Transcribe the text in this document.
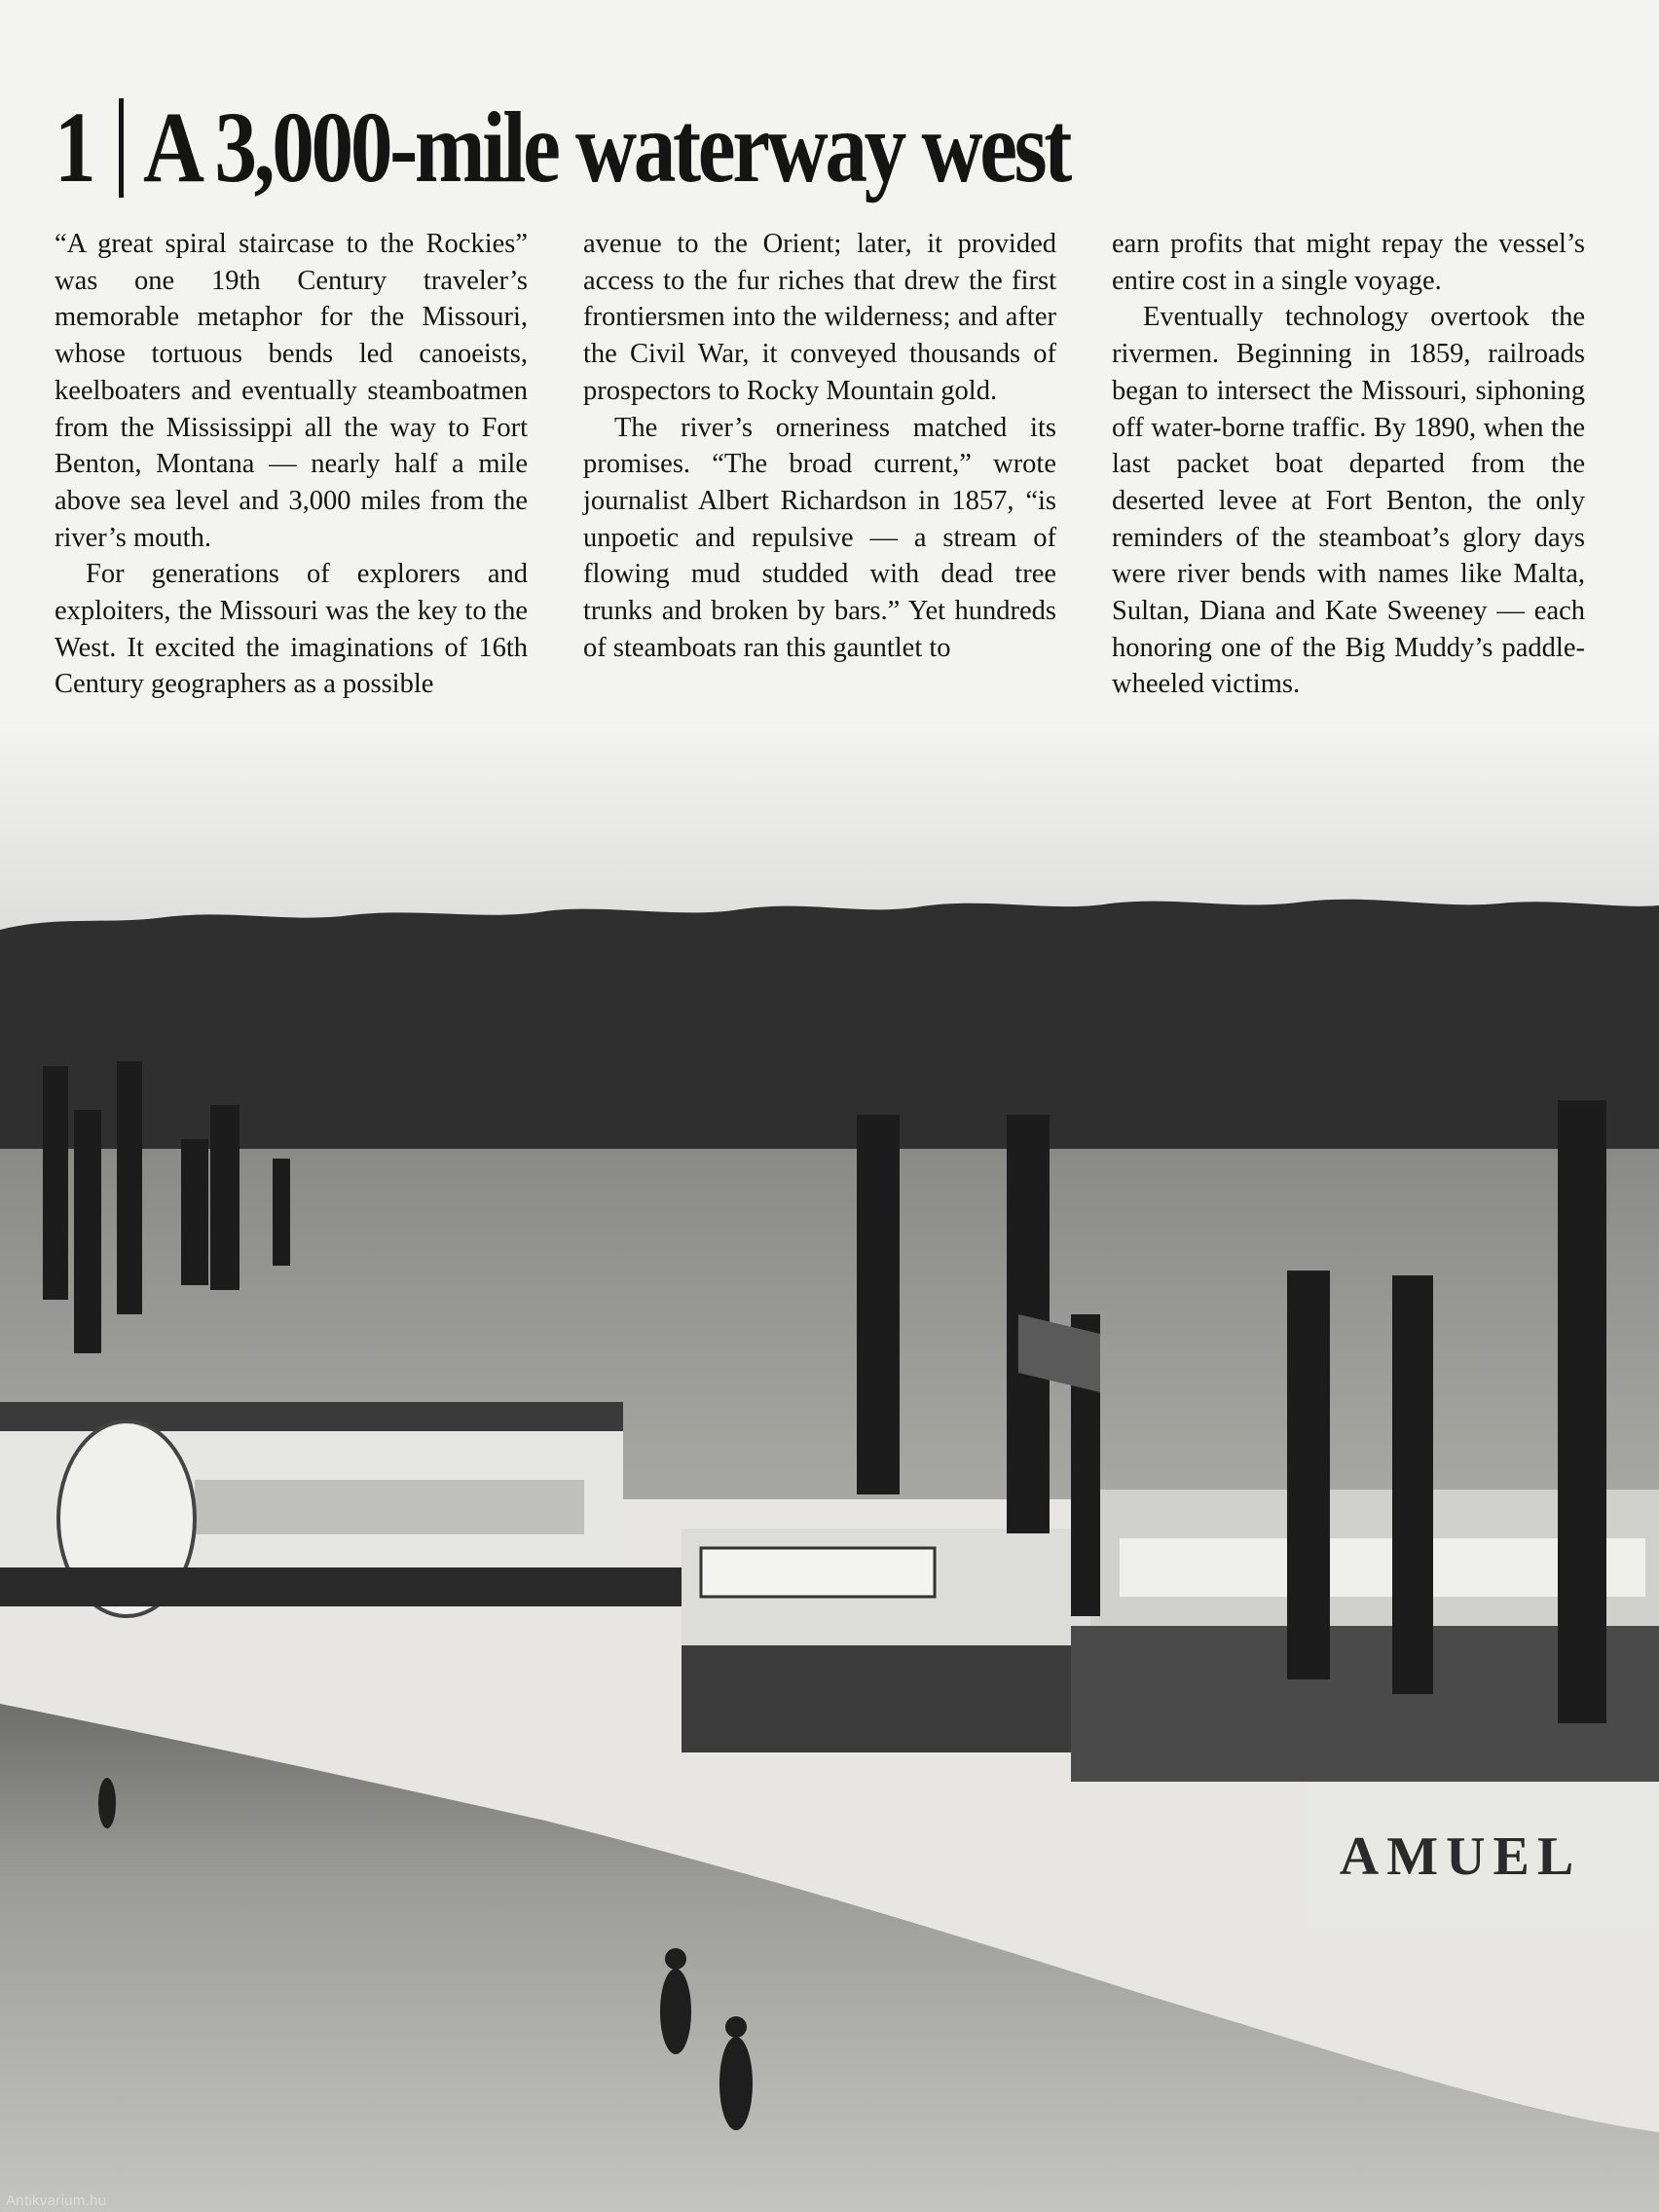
1 A 3,000-mile waterway west

“A great spiral staircase to the Rockies” was one 19th Century traveler’s memorable metaphor for the Missouri, whose tortuous bends led canoeists, keelboaters and eventually steamboatmen from the Mississippi all the way to Fort Benton, Montana — nearly half a mile above sea level and 3,000 miles from the river’s mouth.

For generations of explorers and exploiters, the Missouri was the key to the West. It excited the imaginations of 16th Century geographers as a possible

avenue to the Orient; later, it provided access to the fur riches that drew the first frontiersmen into the wilderness; and after the Civil War, it conveyed thousands of prospectors to Rocky Mountain gold.

The river’s orneriness matched its promises. “The broad current,” wrote journalist Albert Richardson in 1857, “is unpoetic and repulsive — a stream of flowing mud studded with dead tree trunks and broken by bars.” Yet hundreds of steamboats ran this gauntlet to

earn profits that might repay the vessel’s entire cost in a single voyage.

Eventually technology overtook the rivermen. Beginning in 1859, railroads began to intersect the Missouri, siphoning off water-borne traffic. By 1890, when the last packet boat departed from the deserted levee at Fort Benton, the only reminders of the steamboat’s glory days were river bends with names like Malta, Sultan, Diana and Kate Sweeney — each honoring one of the Big Muddy’s paddle-wheeled victims.

AMUEL
Antikvarium.hu
